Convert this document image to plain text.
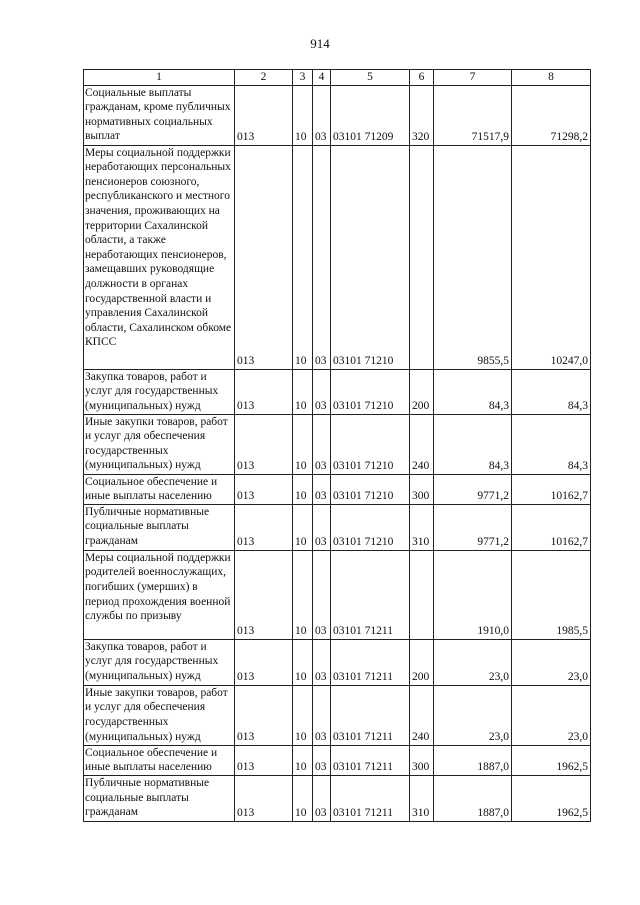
914
1	2	3	4	5	6	7	8
Социальные выплаты гражданам, кроме публичных нормативных социальных выплат	013	10	03	03101 71209	320	71517,9	71298,2
Меры социальной поддержки неработающих персональных пенсионеров союзного, республиканского и местного значения, проживающих на территории Сахалинской области, а также неработающих пенсионеров, замещавших руководящие должности в органах государственной власти и управления Сахалинской области, Сахалинском обкоме КПСС	013	10	03	03101 71210		9855,5	10247,0
Закупка товаров, работ и услуг для государственных (муниципальных) нужд	013	10	03	03101 71210	200	84,3	84,3
Иные закупки товаров, работ и услуг для обеспечения государственных (муниципальных) нужд	013	10	03	03101 71210	240	84,3	84,3
Социальное обеспечение и иные выплаты населению	013	10	03	03101 71210	300	9771,2	10162,7
Публичные нормативные социальные выплаты гражданам	013	10	03	03101 71210	310	9771,2	10162,7
Меры социальной поддержки родителей военнослужащих, погибших (умерших) в период прохождения военной службы по призыву	013	10	03	03101 71211		1910,0	1985,5
Закупка товаров, работ и услуг для государственных (муниципальных) нужд	013	10	03	03101 71211	200	23,0	23,0
Иные закупки товаров, работ и услуг для обеспечения государственных (муниципальных) нужд	013	10	03	03101 71211	240	23,0	23,0
Социальное обеспечение и иные выплаты населению	013	10	03	03101 71211	300	1887,0	1962,5
Публичные нормативные социальные выплаты гражданам	013	10	03	03101 71211	310	1887,0	1962,5
